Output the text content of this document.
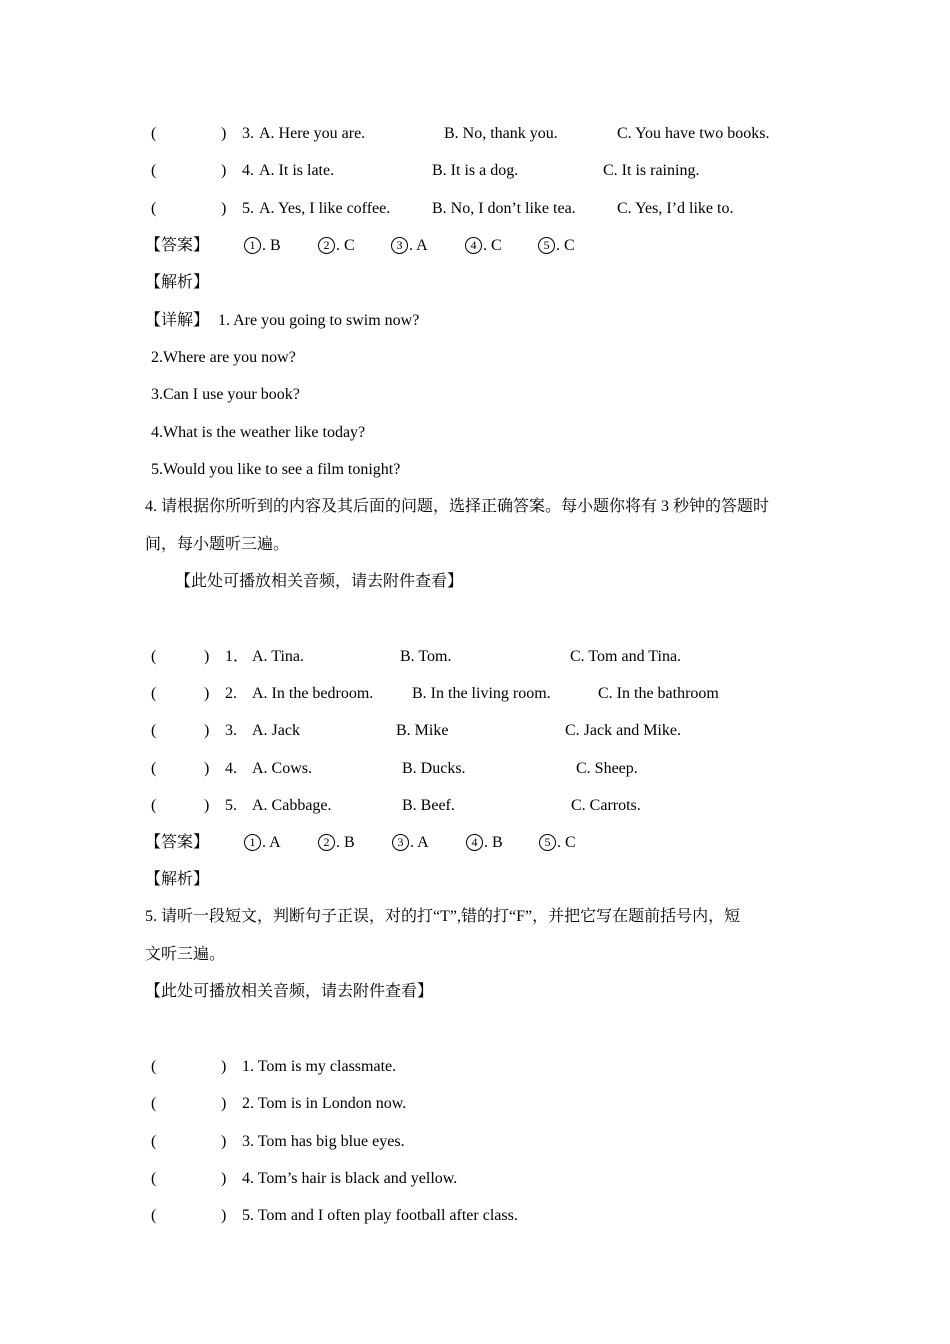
(	) 3. A. Here you are.	B. No, thank you.	C. You have two books.
(	) 4. A. It is late.	B. It is a dog.	C. It is raining.
(	) 5. A. Yes, I like coffee.	B. No, I don’t like tea.	C. Yes, I’d like to.
【答案】	1 . B	2 . C	3 . A	4 . C	5 . C
【解析】
【详解】 1. Are you going to swim now?
2.Where are you now?
3.Can I use your book?
4.What is the weather like today?
5.Would you like to see a film tonight?
4. 请根据你所听到的内容及其后面的问题，选择正确答案。每小题你将有 3 秒钟的答题时
间，每小题听三遍。
【此处可播放相关音频，请去附件查看】
(	) 1． A. Tina.	B. Tom.	C. Tom and Tina.
(	) 2. A. In the bedroom. B. In the living room.	C. In the bathroom
(	) 3. A. Jack	B. Mike	C. Jack and Mike.
(	) 4. A. Cows.	B. Ducks.	C. Sheep.
(	) 5. A. Cabbage.	B. Beef.	C. Carrots.
【答案】	1 . A	2 . B	3 . A	4 . B	5 . C
【解析】
5. 请听一段短文，判断句子正误，对的打“T”,错的打“F”，并把它写在题前括号内，短
文听三遍。
【此处可播放相关音频，请去附件查看】
(	) 1. Tom is my classmate.
(	) 2. Tom is in London now.
(	) 3. Tom has big blue eyes.
(	) 4. Tom’s hair is black and yellow.
(	) 5. Tom and I often play football after class.
